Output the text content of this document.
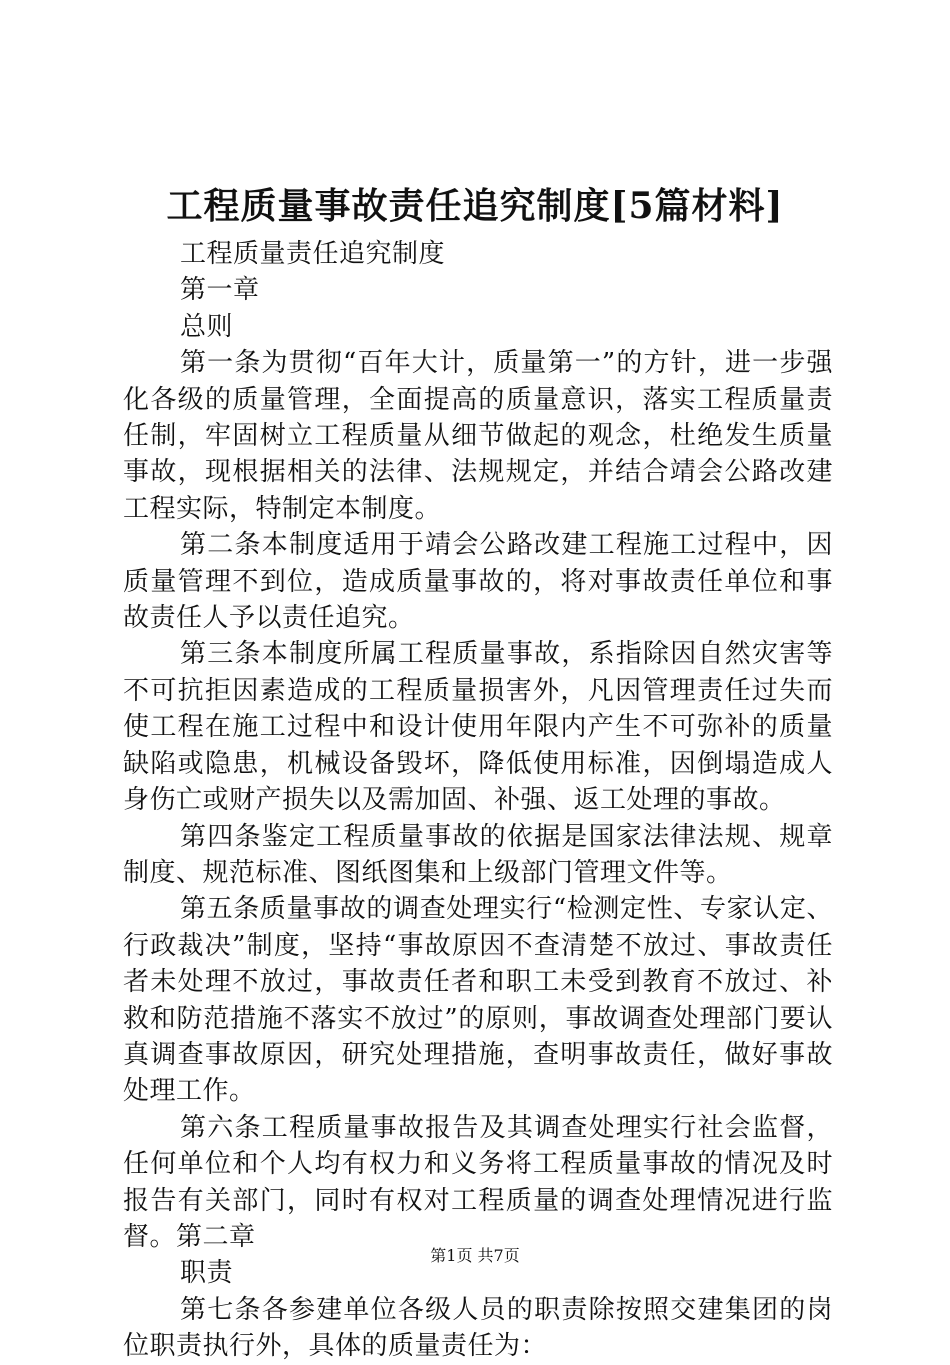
工程质量事故责任追究制度[5篇材料]

工程质量责任追究制度

第一章

总则

第一条为贯彻“百年大计，质量第一”的方针，进一步强化各级的质量管理，全面提高的质量意识，落实工程质量责任制，牢固树立工程质量从细节做起的观念，杜绝发生质量事故，现根据相关的法律、法规规定，并结合靖会公路改建工程实际，特制定本制度。

第二条本制度适用于靖会公路改建工程施工过程中，因质量管理不到位，造成质量事故的，将对事故责任单位和事故责任人予以责任追究。

第三条本制度所属工程质量事故，系指除因自然灾害等不可抗拒因素造成的工程质量损害外，凡因管理责任过失而使工程在施工过程中和设计使用年限内产生不可弥补的质量缺陷或隐患，机械设备毁坏，降低使用标准，因倒塌造成人身伤亡或财产损失以及需加固、补强、返工处理的事故。

第四条鉴定工程质量事故的依据是国家法律法规、规章制度、规范标准、图纸图集和上级部门管理文件等。

第五条质量事故的调查处理实行“检测定性、专家认定、行政裁决”制度，坚持“事故原因不查清楚不放过、事故责任者未处理不放过，事故责任者和职工未受到教育不放过、补救和防范措施不落实不放过”的原则，事故调查处理部门要认真调查事故原因，研究处理措施，查明事故责任，做好事故处理工作。

第六条工程质量事故报告及其调查处理实行社会监督，任何单位和个人均有权力和义务将工程质量事故的情况及时报告有关部门，同时有权对工程质量的调查处理情况进行监督。第二章

职责

第七条各参建单位各级人员的职责除按照交建集团的岗位职责执行外，具体的质量责任为：

第1页 共7页
